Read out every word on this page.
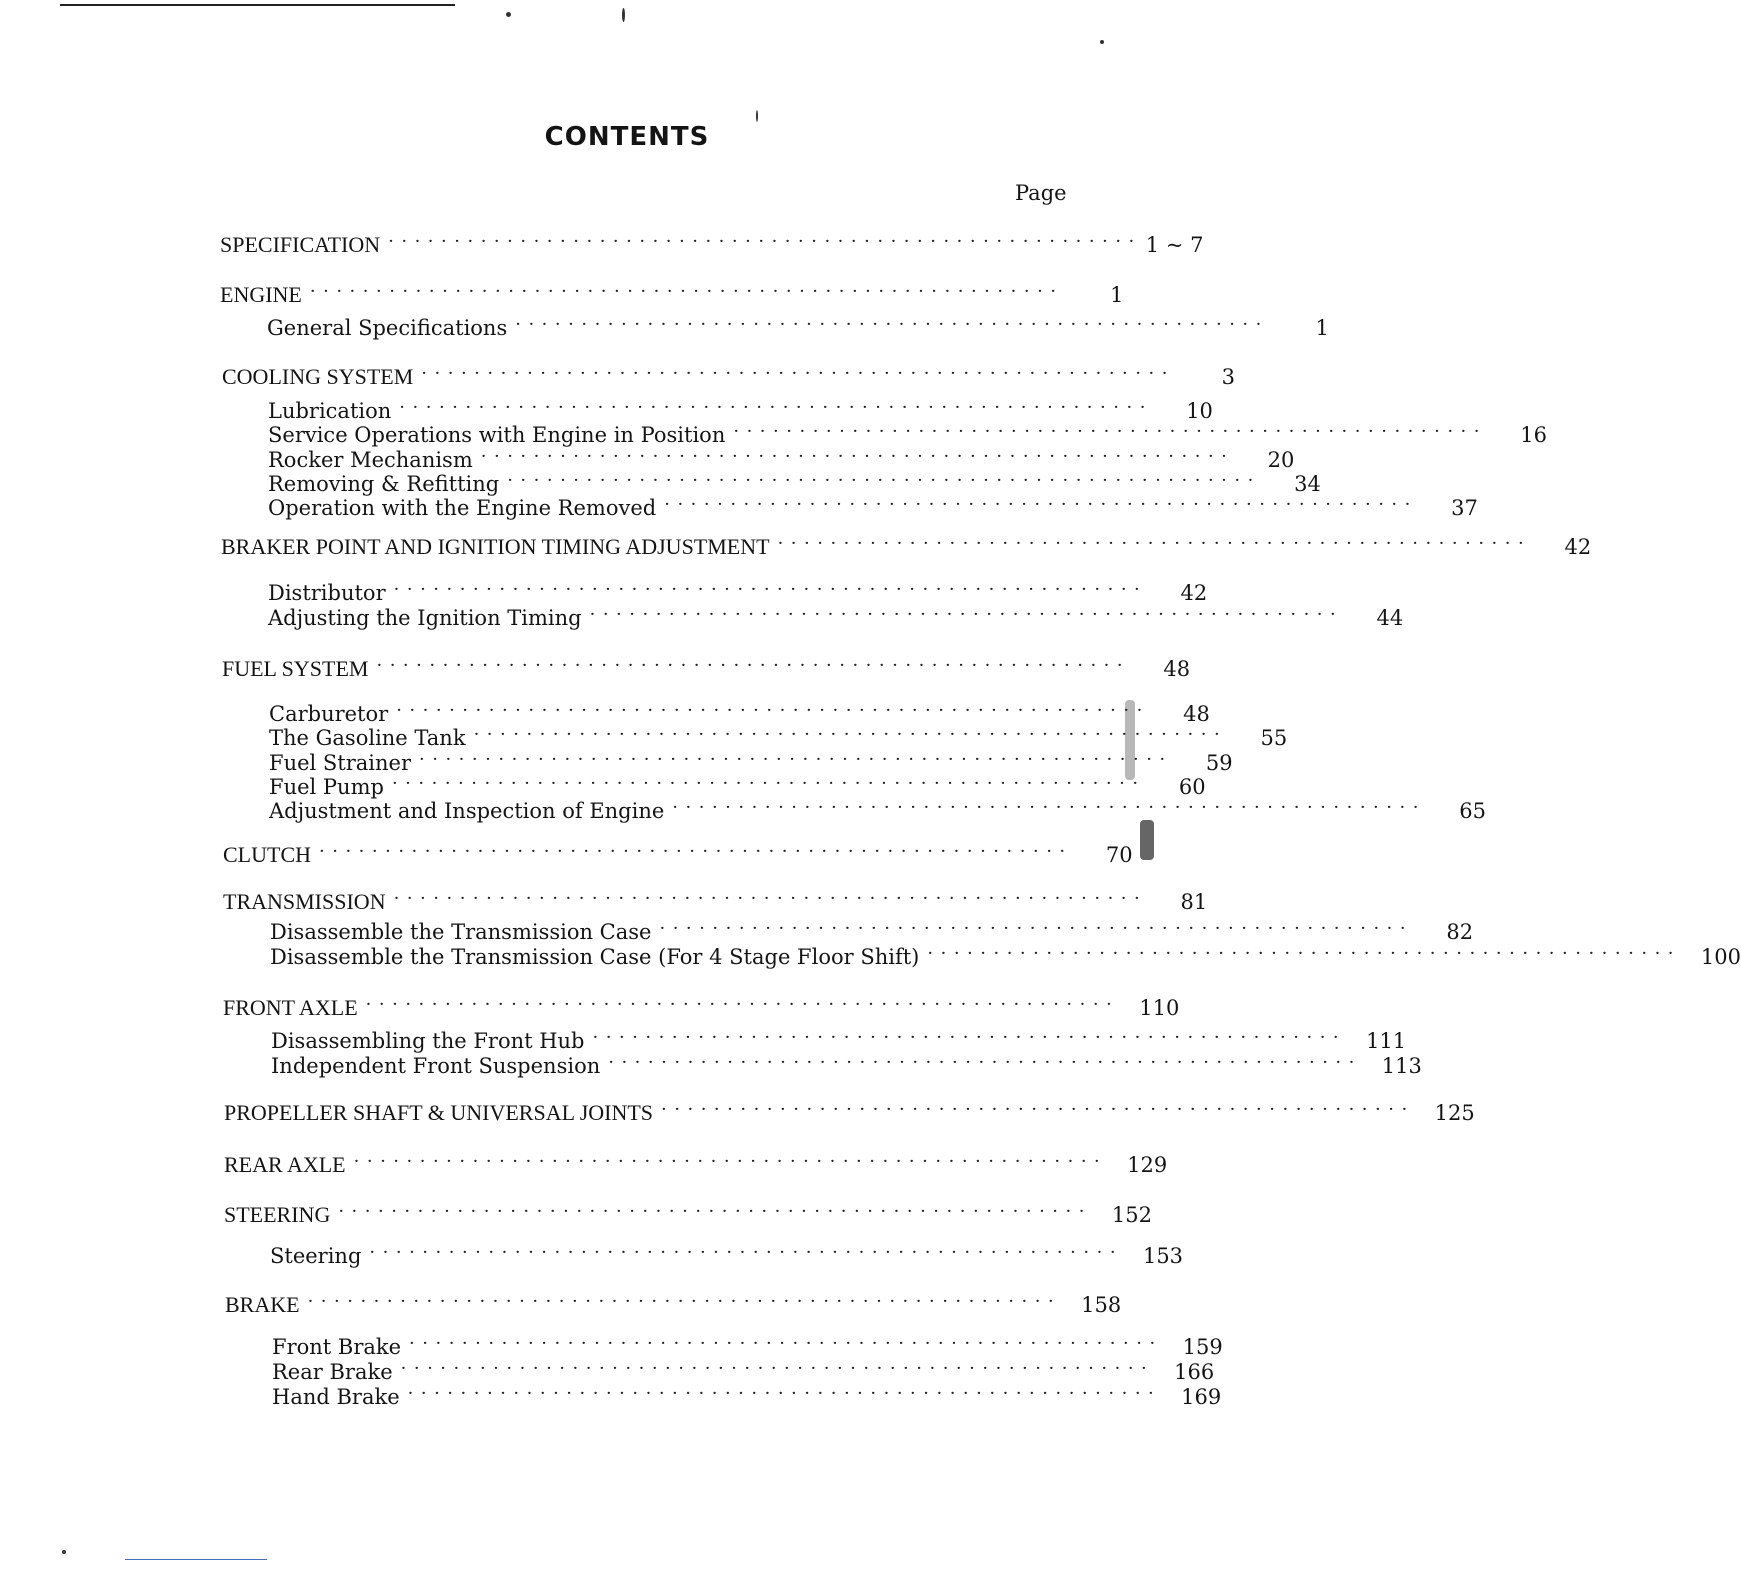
CONTENTS
Page
SPECIFICATION ························································· 1 ~ 7
ENGINE ·························································	1
General Specifications ·························································	1
COOLING SYSTEM ·························································	3
Lubrication ·························································	10
Service Operations with Engine in Position ·························································	16
Rocker Mechanism ·························································	20
Removing & Refitting ·························································	34
Operation with the Engine Removed ·························································	37
BRAKER POINT AND IGNITION TIMING ADJUSTMENT ·························································	42
Distributor ·························································	42
Adjusting the Ignition Timing ·························································	44
FUEL SYSTEM ·························································	48
Carburetor ·························································	48
The Gasoline Tank ·························································	55
Fuel Strainer ·························································	59
Fuel Pump ·························································	60
Adjustment and Inspection of Engine ·························································	65
CLUTCH ·························································	70
TRANSMISSION ·························································	81
Disassemble the Transmission Case ·························································	82
Disassemble the Transmission Case (For 4 Stage Floor Shift) ························································· 100
FRONT AXLE ························································· 110
Disassembling the Front Hub ························································· 111
Independent Front Suspension ························································· 113
PROPELLER SHAFT & UNIVERSAL JOINTS ························································· 125
REAR AXLE ························································· 129
STEERING ························································· 152
Steering ························································· 153
BRAKE ························································· 158
Front Brake ························································· 159
Rear Brake ························································· 166
Hand Brake ························································· 169
